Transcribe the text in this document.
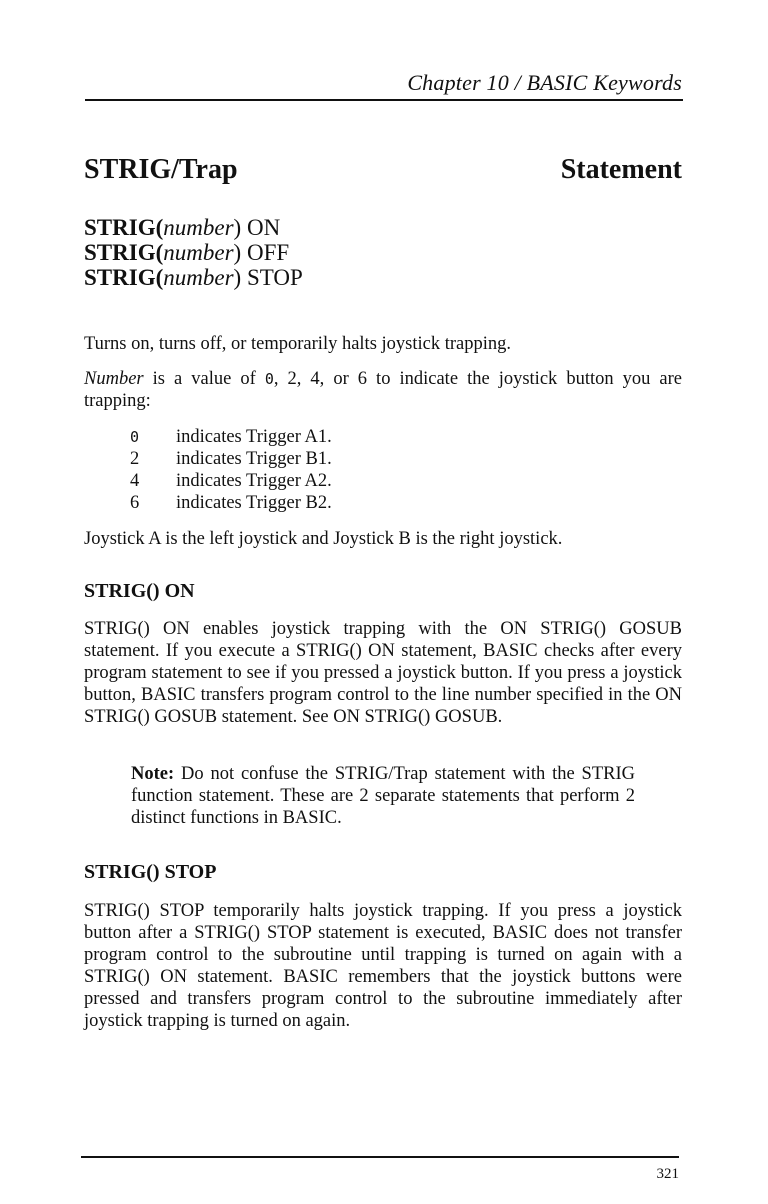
Chapter 10 / BASIC Keywords
STRIG/Trap	Statement
STRIG(number) ON
STRIG(number) OFF
STRIG(number) STOP
Turns on, turns off, or temporarily halts joystick trapping.
Number is a value of 0, 2, 4, or 6 to indicate the joystick button you are trapping:
0	indicates Trigger A1.
2	indicates Trigger B1.
4	indicates Trigger A2.
6	indicates Trigger B2.
Joystick A is the left joystick and Joystick B is the right joystick.
STRIG() ON
STRIG() ON enables joystick trapping with the ON STRIG() GOSUB statement. If you execute a STRIG() ON statement, BASIC checks after every program statement to see if you pressed a joystick button. If you press a joystick button, BASIC transfers program control to the line number specified in the ON STRIG() GOSUB statement. See ON STRIG() GOSUB.
Note: Do not confuse the STRIG/Trap statement with the STRIG function statement. These are 2 separate statements that perform 2 distinct functions in BASIC.
STRIG() STOP
STRIG() STOP temporarily halts joystick trapping. If you press a joystick button after a STRIG() STOP statement is executed, BASIC does not transfer program control to the subroutine until trapping is turned on again with a STRIG() ON statement. BASIC remembers that the joystick buttons were pressed and transfers program control to the subroutine immediately after joystick trapping is turned on again.
321
